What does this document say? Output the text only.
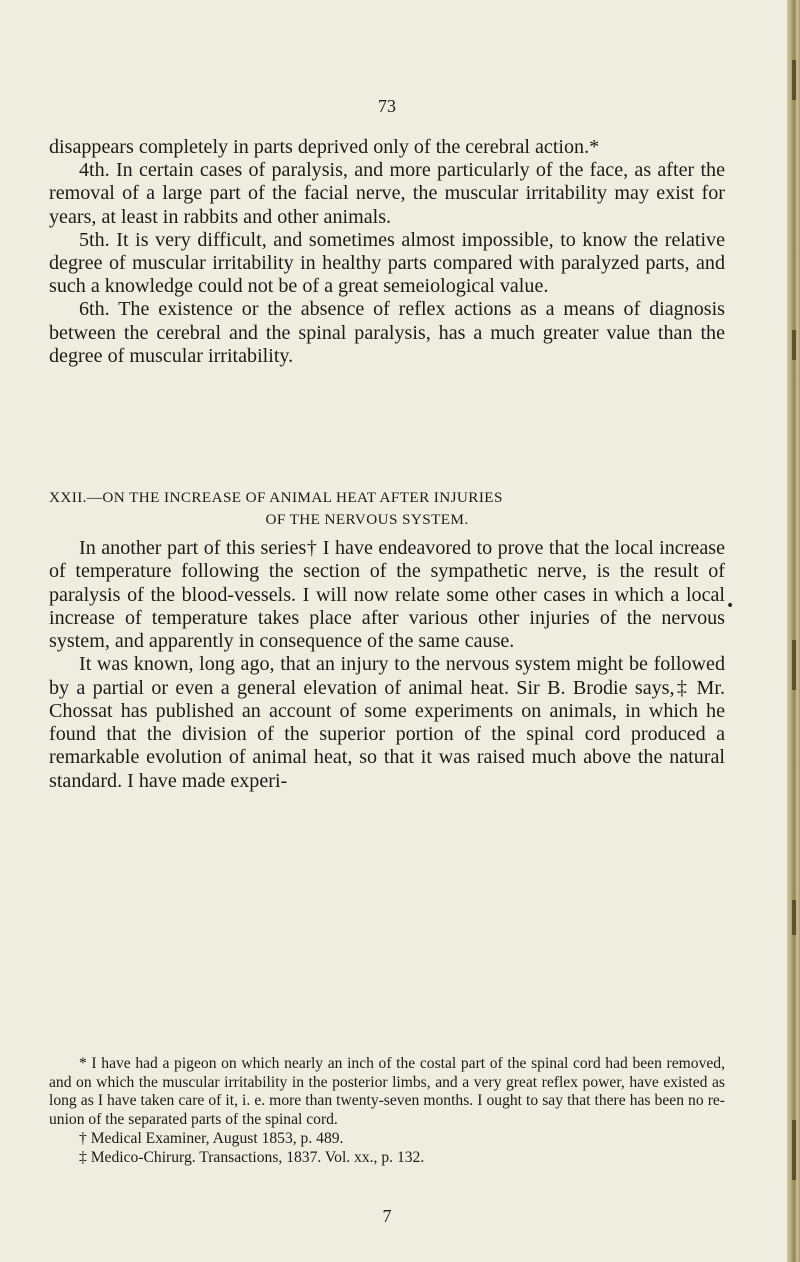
73

disappears completely in parts deprived only of the cerebral action.*

4th. In certain cases of paralysis, and more particularly of the face, as after the removal of a large part of the facial nerve, the muscular irritability may exist for years, at least in rabbits and other animals.

5th. It is very difficult, and sometimes almost impossible, to know the relative degree of muscular irritability in healthy parts compared with paralyzed parts, and such a knowledge could not be of a great semeiological value.

6th. The existence or the absence of reflex actions as a means of diagnosis between the cerebral and the spinal paralysis, has a much greater value than the degree of muscular irritability.

XXII.—ON THE INCREASE OF ANIMAL HEAT AFTER INJURIES
OF THE NERVOUS SYSTEM.

In another part of this series† I have endeavored to prove that the local increase of temperature following the section of the sympathetic nerve, is the result of paralysis of the blood-vessels. I will now relate some other cases in which a local increase of temperature takes place after various other injuries of the nervous system, and apparently in consequence of the same cause.

It was known, long ago, that an injury to the nervous system might be followed by a partial or even a general elevation of animal heat. Sir B. Brodie says,‡ Mr. Chossat has published an account of some experiments on animals, in which he found that the division of the superior portion of the spinal cord produced a remarkable evolution of animal heat, so that it was raised much above the natural standard. I have made experi-

* I have had a pigeon on which nearly an inch of the costal part of the spinal cord had been removed, and on which the muscular irritability in the posterior limbs, and a very great reflex power, have existed as long as I have taken care of it, i. e. more than twenty-seven months. I ought to say that there has been no re-union of the separated parts of the spinal cord.

† Medical Examiner, August 1853, p. 489.

‡ Medico-Chirurg. Transactions, 1837. Vol. xx., p. 132.

7
•
